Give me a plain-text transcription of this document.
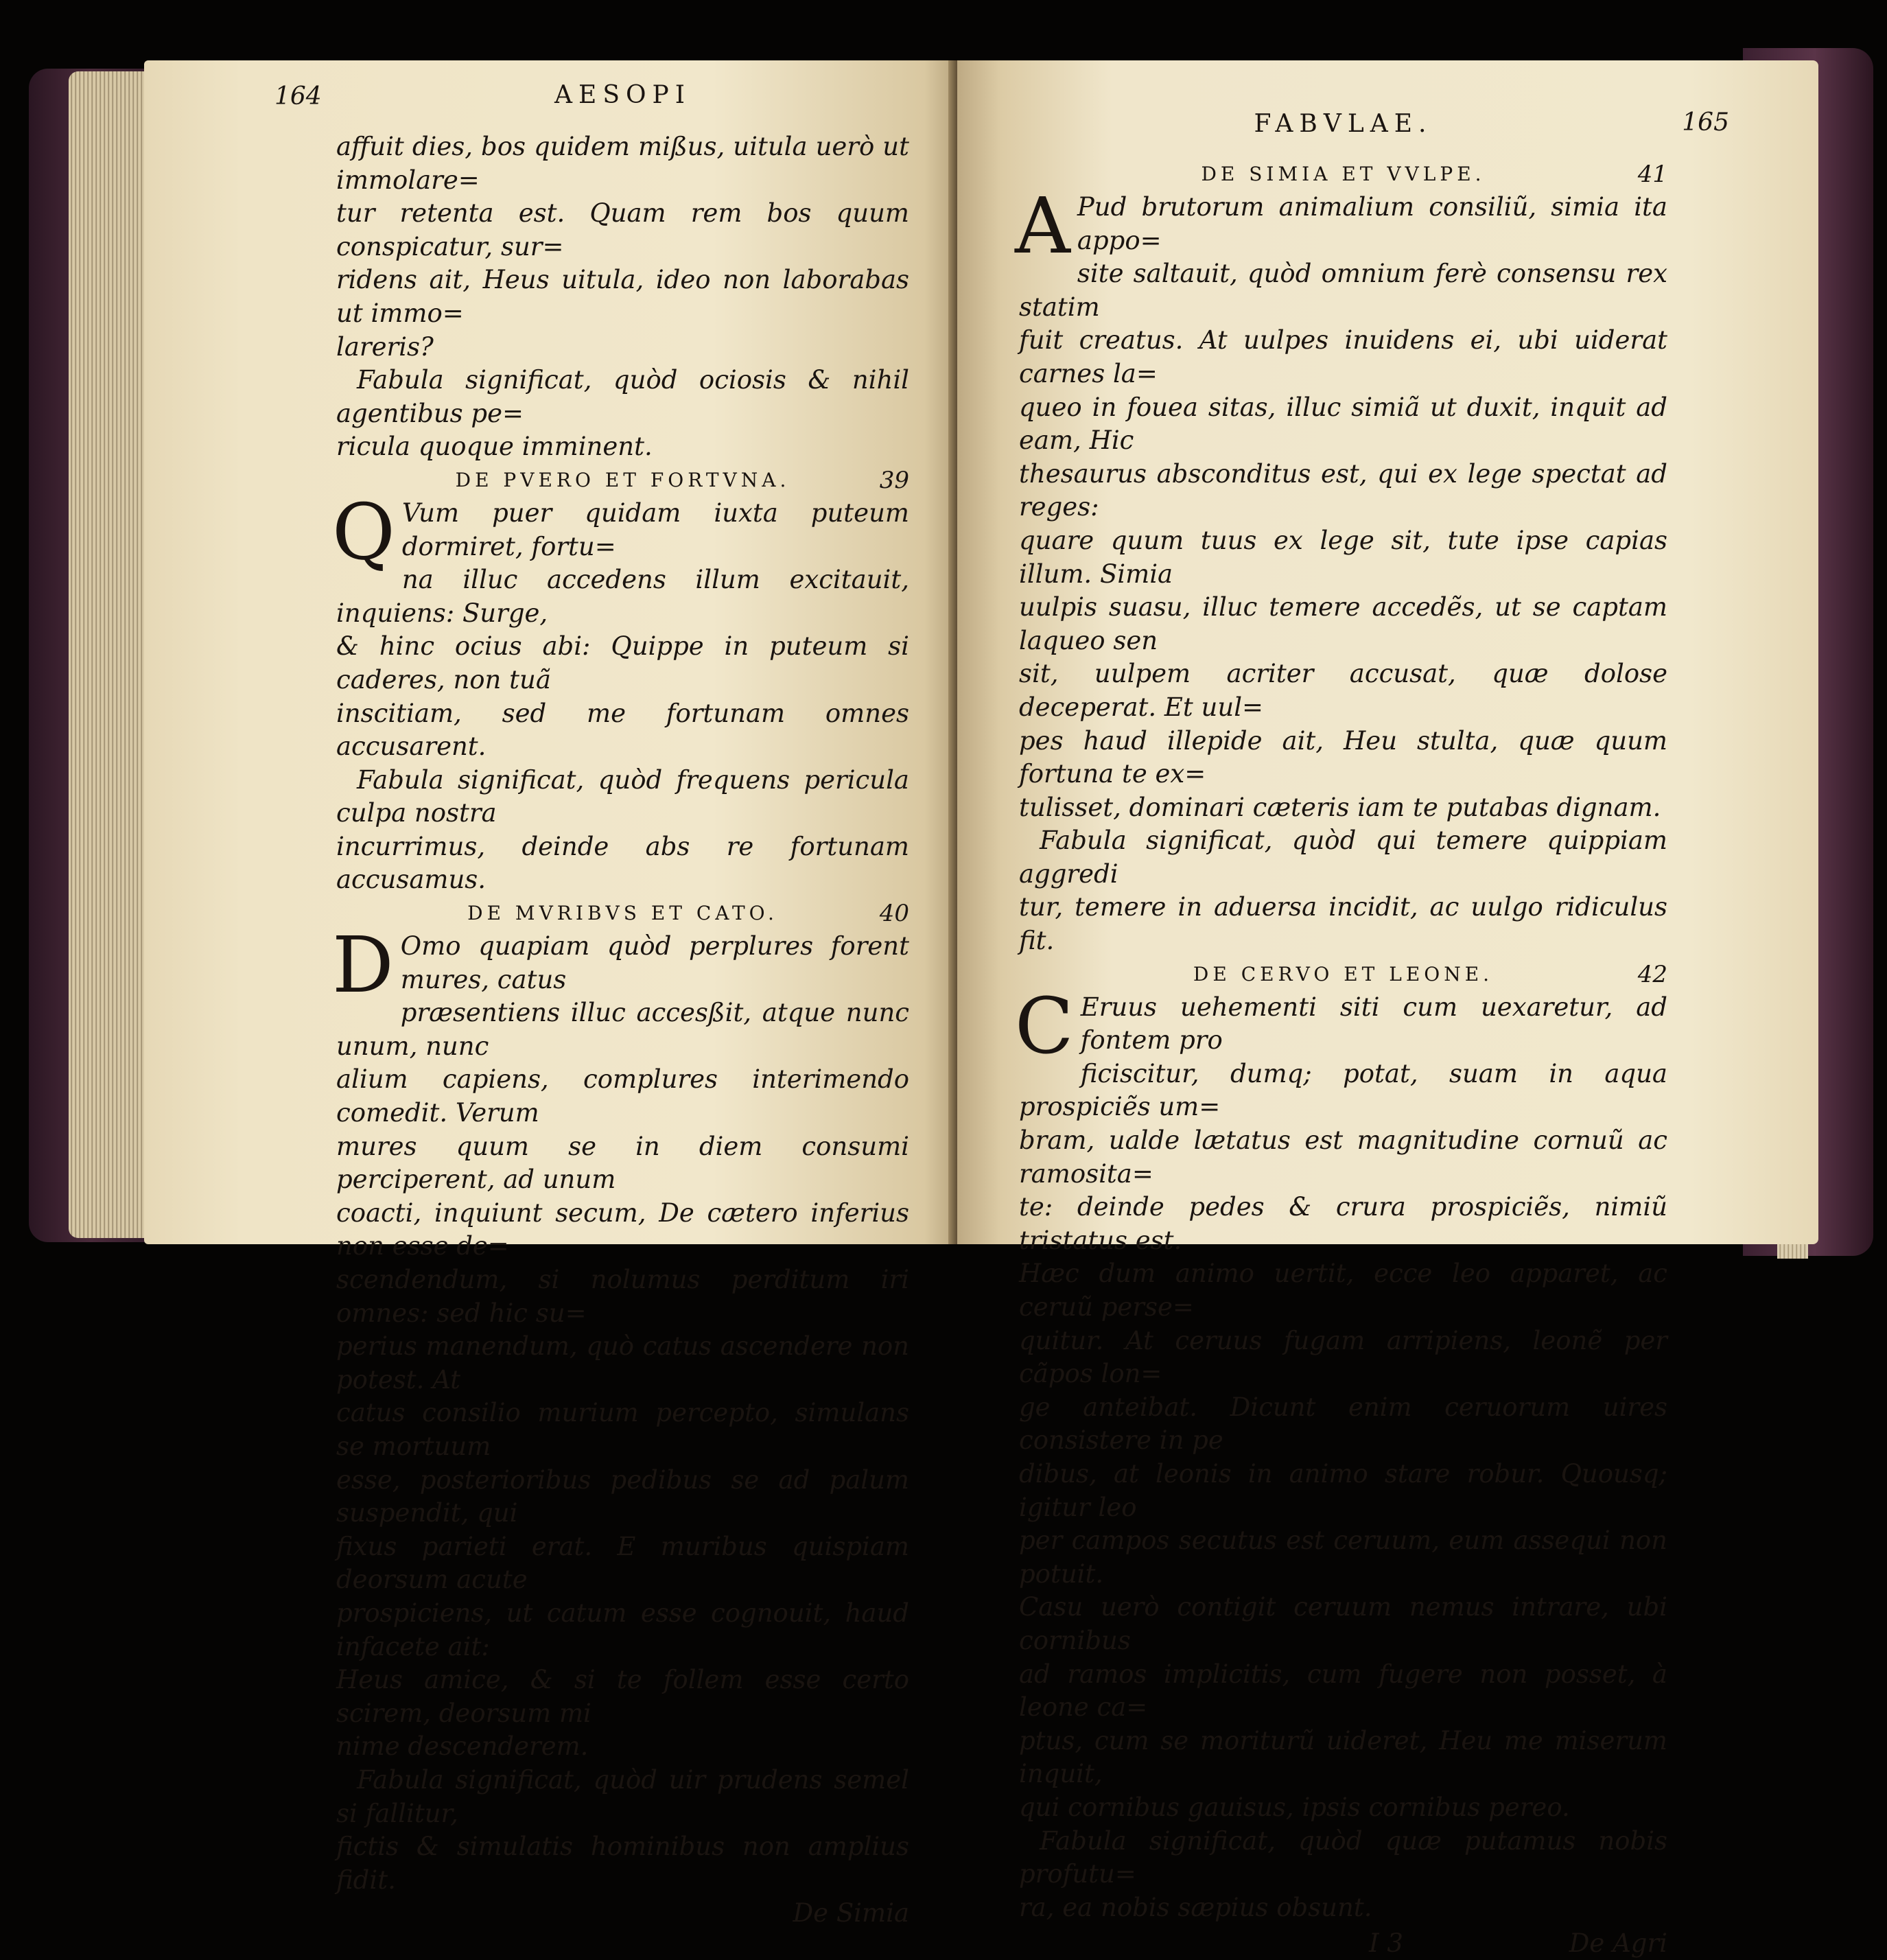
164	AESOPI

affuit dies, bos quidem mißus, uitula uerò ut immolare=

tur retenta est. Quam rem bos quum conspicatur, sur=

ridens ait, Heus uitula, ideo non laborabas ut immo=

lareris?

Fabula significat, quòd ociosis & nihil agentibus pe=

ricula quoque imminent.

DE PVERO ET FORTVNA.	39
Q Vum puer quidam iuxta puteum dormiret, fortu=

na illuc accedens illum excitauit, inquiens: Surge,

& hinc ocius abi: Quippe in puteum si caderes, non tuã

inscitiam, sed me fortunam omnes accusarent.

Fabula significat, quòd frequens pericula culpa nostra

incurrimus, deinde abs re fortunam accusamus.

DE MVRIBVS ET CATO.	40
D Omo quapiam quòd perplures forent mures, catus

præsentiens illuc accesßit, atque nunc unum, nunc

alium capiens, complures interimendo comedit. Verum

mures quum se in diem consumi perciperent, ad unum

coacti, inquiunt secum, De cætero inferius non esse de=

scendendum, si nolumus perditum iri omnes: sed hic su=

perius manendum, quò catus ascendere non potest. At

catus consilio murium percepto, simulans se mortuum

esse, posterioribus pedibus se ad palum suspendit, qui

fixus parieti erat. E muribus quispiam deorsum acute

prospiciens, ut catum esse cognouit, haud infacete ait:

Heus amice, & si te follem esse certo scirem, deorsum mi

nime descenderem.

Fabula significat, quòd uir prudens semel si fallitur,

fictis & simulatis hominibus non amplius fidit.

De Simia
FABVLAE.	165
DE SIMIA ET VVLPE.	41
A Pud brutorum animalium consiliũ, simia ita appo=

site saltauit, quòd omnium ferè consensu rex statim

fuit creatus. At uulpes inuidens ei, ubi uiderat carnes la=

queo in fouea sitas, illuc simiã ut duxit, inquit ad eam, Hic

thesaurus absconditus est, qui ex lege spectat ad reges:

quare quum tuus ex lege sit, tute ipse capias illum. Simia

uulpis suasu, illuc temere accedẽs, ut se captam laqueo sen

sit, uulpem acriter accusat, quæ dolose deceperat. Et uul=

pes haud illepide ait, Heu stulta, quæ quum fortuna te ex=

tulisset, dominari cæteris iam te putabas dignam.

Fabula significat, quòd qui temere quippiam aggredi

tur, temere in aduersa incidit, ac uulgo ridiculus fit.

DE CERVO ET LEONE.	42
C Eruus uehementi siti cum uexaretur, ad fontem pro

ficiscitur, dumq; potat, suam in aqua prospiciẽs um=

bram, ualde lætatus est magnitudine cornuũ ac ramosita=

te: deinde pedes & crura prospiciẽs, nimiũ tristatus est.

Hæc dum animo uertit, ecce leo apparet, ac ceruũ perse=

quitur. At ceruus fugam arripiens, leonẽ per cãpos lon=

ge anteibat. Dicunt enim ceruorum uires consistere in pe

dibus, at leonis in animo stare robur. Quousq; igitur leo

per campos secutus est ceruum, eum assequi non potuit.

Casu uerò contigit ceruum nemus intrare, ubi cornibus

ad ramos implicitis, cum fugere non posset, à leone ca=

ptus, cum se moriturũ uideret, Heu me miserum inquit,

qui cornibus gauisus, ipsis cornibus pereo.

Fabula significat, quòd quæ putamus nobis profutu=

ra, ea nobis sæpius obsunt.

I 3	De Agri
